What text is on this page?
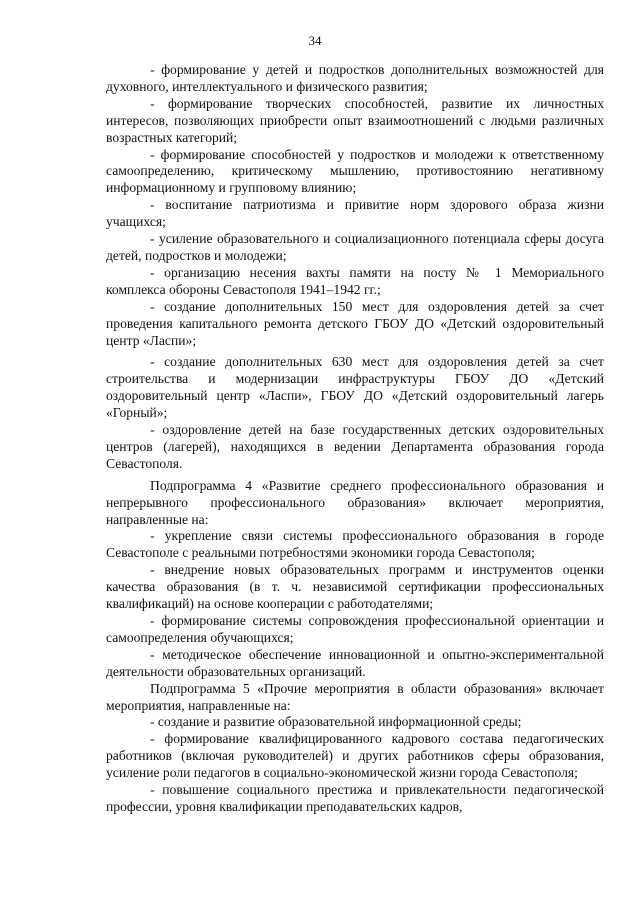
34

- формирование у детей и подростков дополнительных возможностей для духовного, интеллектуального и физического развития;

- формирование творческих способностей, развитие их личностных интересов, позволяющих приобрести опыт взаимоотношений с людьми различных возрастных категорий;

- формирование способностей у подростков и молодежи к ответственному самоопределению, критическому мышлению, противостоянию негативному информационному и групповому влиянию;

- воспитание патриотизма и привитие норм здорового образа жизни учащихся;

- усиление образовательного и социализационного потенциала сферы досуга детей, подростков и молодежи;

- организацию несения вахты памяти на посту № 1 Мемориального комплекса обороны Севастополя 1941–1942 гг.;

- создание дополнительных 150 мест для оздоровления детей за счет проведения капитального ремонта детского ГБОУ ДО «Детский оздоровительный центр «Ласпи»;

- создание дополнительных 630 мест для оздоровления детей за счет строительства и модернизации инфраструктуры ГБОУ ДО «Детский оздоровительный центр «Ласпи», ГБОУ ДО «Детский оздоровительный лагерь «Горный»;

- оздоровление детей на базе государственных детских оздоровительных центров (лагерей), находящихся в ведении Департамента образования города Севастополя.

Подпрограмма 4 «Развитие среднего профессионального образования и непрерывного профессионального образования» включает мероприятия, направленные на:

- укрепление связи системы профессионального образования в городе Севастополе с реальными потребностями экономики города Севастополя;

- внедрение новых образовательных программ и инструментов оценки качества образования (в т. ч. независимой сертификации профессиональных квалификаций) на основе кооперации с работодателями;

- формирование системы сопровождения профессиональной ориентации и самоопределения обучающихся;

- методическое обеспечение инновационной и опытно-экспериментальной деятельности образовательных организаций.

Подпрограмма 5 «Прочие мероприятия в области образования» включает мероприятия, направленные на:

- создание и развитие образовательной информационной среды;

- формирование квалифицированного кадрового состава педагогических работников (включая руководителей) и других работников сферы образования, усиление роли педагогов в социально-экономической жизни города Севастополя;

- повышение социального престижа и привлекательности педагогической профессии, уровня квалификации преподавательских кадров,
